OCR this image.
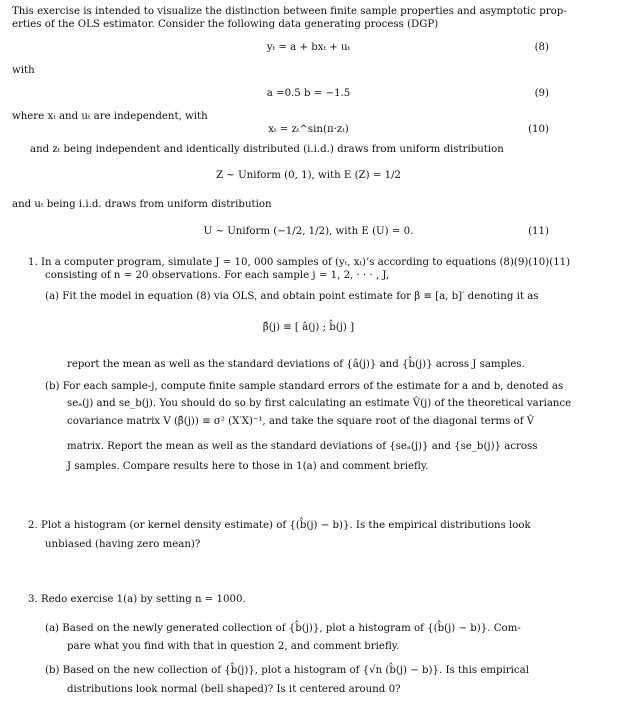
This exercise is intended to visualize the distinction between finite sample properties and asymptotic prop-
erties of the OLS estimator. Consider the following data generating process (DGP)
yₜ = a + bxₜ + uₜ	(8)
with
a =0.5 b = −1.5	(9)
where xₜ and uₜ are independent, with
xₜ = zₜ^sin(π·zₜ)	(10)
and zₜ being independent and identically distributed (i.i.d.) draws from uniform distribution
Z ~ Uniform (0, 1), with E (Z) = 1/2
and uₜ being i.i.d. draws from uniform distribution
U ~ Uniform (−1/2, 1/2), with E (U) = 0.	(11)
1. In a computer program, simulate J = 10, 000 samples of (yₜ, xₜ)’s according to equations (8)(9)(10)(11)
consisting of n = 20 observations. For each sample j = 1, 2, · · · , J,
(a) Fit the model in equation (8) via OLS, and obtain point estimate for β ≡ [a, b]′ denoting it as
β̂(j) ≡ [ â(j) ; b̂(j) ]
report the mean as well as the standard deviations of {â(j)} and {b̂(j)} across J samples.
(b) For each sample-j, compute finite sample standard errors of the estimate for a and b, denoted as
seₐ(j) and se_b(j). You should do so by first calculating an estimate V̂(j) of the theoretical variance
covariance matrix V (β̂(j)) ≡ σ² (X′X)⁻¹, and take the square root of the diagonal terms of V̂
matrix. Report the mean as well as the standard deviations of {seₐ(j)} and {se_b(j)} across
J samples. Compare results here to those in 1(a) and comment briefly.
2. Plot a histogram (or kernel density estimate) of {(b̂(j) − b)}. Is the empirical distributions look
unbiased (having zero mean)?
3. Redo exercise 1(a) by setting n = 1000.
(a) Based on the newly generated collection of {b̂(j)}, plot a histogram of {(b̂(j) − b)}. Com-
pare what you find with that in question 2, and comment briefly.
(b) Based on the new collection of {b̂(j)}, plot a histogram of {√n (b̂(j) − b)}. Is this empirical
distributions look normal (bell shaped)? Is it centered around 0?
